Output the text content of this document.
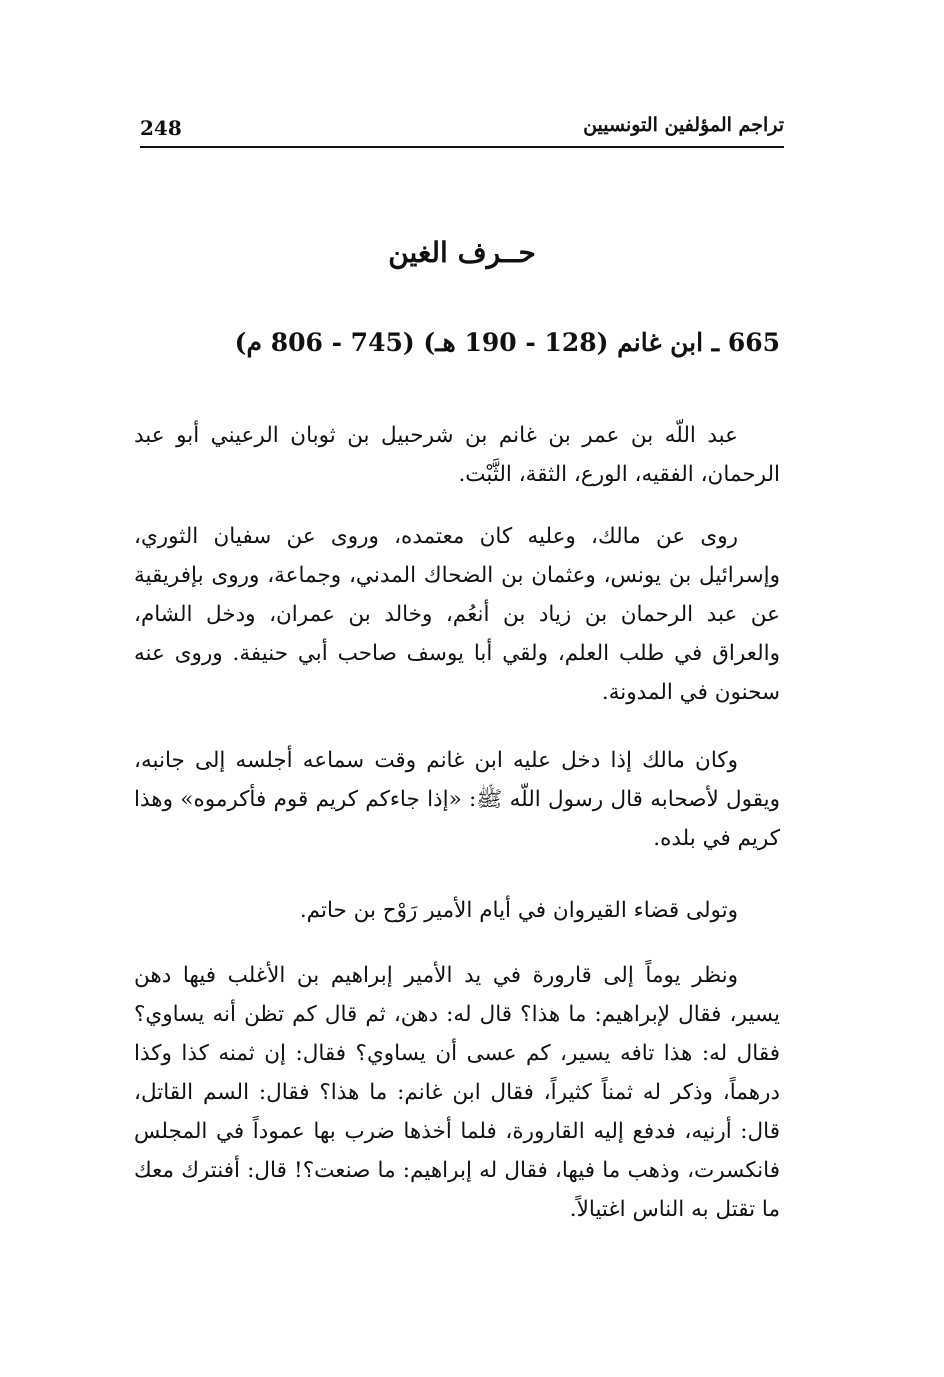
248	تراجم المؤلفين التونسيين
حــرف الغين
665 ـ ابن غانم (128 - 190 هـ) (745 - 806 م)

عبد اللّه بن عمر بن غانم بن شرحبيل بن ثوبان الرعيني أبو عبد الرحمان، الفقيه، الورع، الثقة، الثَّبْت.

روى عن مالك، وعليه كان معتمده، وروى عن سفيان الثوري، وإسرائيل بن يونس، وعثمان بن الضحاك المدني، وجماعة، وروى بإفريقية عن عبد الرحمان بن زياد بن أنعُم، وخالد بن عمران، ودخل الشام، والعراق في طلب العلم، ولقي أبا يوسف صاحب أبي حنيفة. وروى عنه سحنون في المدونة.

وكان مالك إذا دخل عليه ابن غانم وقت سماعه أجلسه إلى جانبه، ويقول لأصحابه قال رسول اللّه ﷺ: «إذا جاءكم كريم قوم فأكرموه» وهذا كريم في بلده.

وتولى قضاء القيروان في أيام الأمير رَوْح بن حاتم.

ونظر يوماً إلى قارورة في يد الأمير إبراهيم بن الأغلب فيها دهن يسير، فقال لإبراهيم: ما هذا؟ قال له: دهن، ثم قال كم تظن أنه يساوي؟ فقال له: هذا تافه يسير، كم عسى أن يساوي؟ فقال: إن ثمنه كذا وكذا درهماً، وذكر له ثمناً كثيراً، فقال ابن غانم: ما هذا؟ فقال: السم القاتل، قال: أرنيه، فدفع إليه القارورة، فلما أخذها ضرب بها عموداً في المجلس فانكسرت، وذهب ما فيها، فقال له إبراهيم: ما صنعت؟! قال: أفنترك معك ما تقتل به الناس اغتيالاً.
